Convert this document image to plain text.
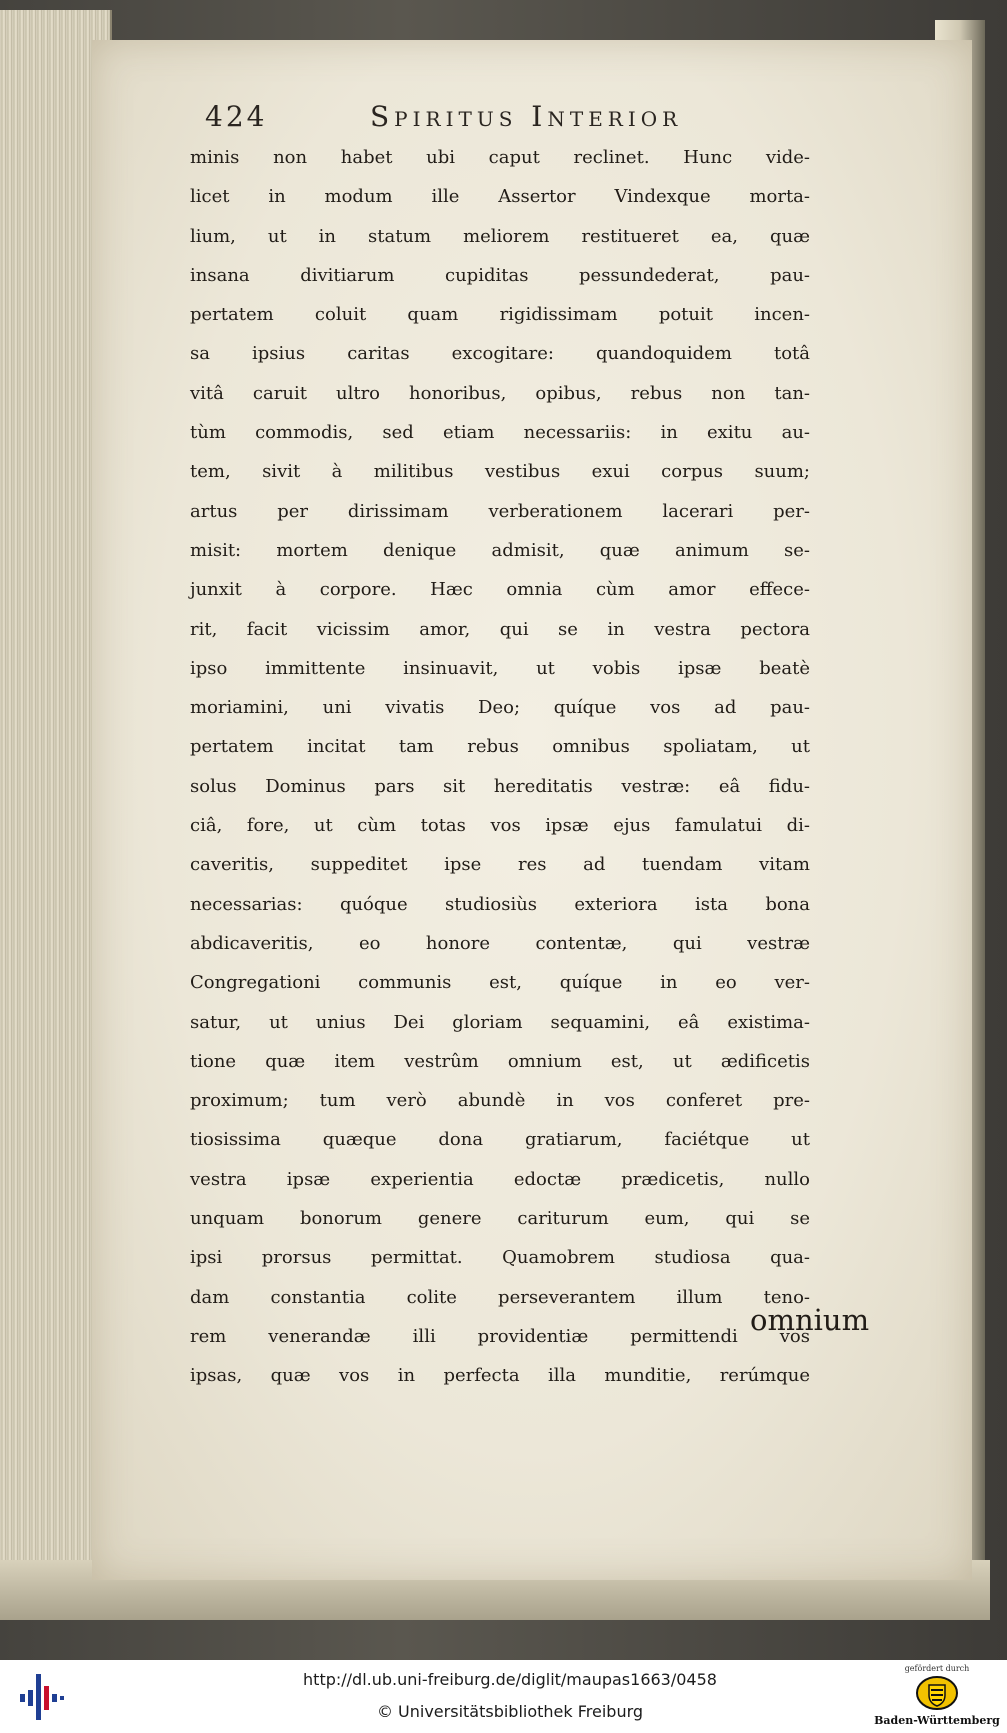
424	Spiritus Interior
minis non habet ubi caput reclinet. Hunc vide-
licet in modum ille Assertor Vindexque morta-
lium, ut in statum meliorem restitueret ea, quæ
insana divitiarum cupiditas pessundederat, pau-
pertatem coluit quam rigidissimam potuit incen-
sa ipsius caritas excogitare: quandoquidem totâ
vitâ caruit ultro honoribus, opibus, rebus non tan-
tùm commodis, sed etiam necessariis: in exitu au-
tem, sivit à militibus vestibus exui corpus suum;
artus per dirissimam verberationem lacerari per-
misit: mortem denique admisit, quæ animum se-
junxit à corpore. Hæc omnia cùm amor effece-
rit, facit vicissim amor, qui se in vestra pectora
ipso immittente insinuavit, ut vobis ipsæ beatè
moriamini, uni vivatis Deo; quíque vos ad pau-
pertatem incitat tam rebus omnibus spoliatam, ut
solus Dominus pars sit hereditatis vestræ: eâ fidu-
ciâ, fore, ut cùm totas vos ipsæ ejus famulatui di-
caveritis, suppeditet ipse res ad tuendam vitam
necessarias: quóque studiosiùs exteriora ista bona
abdicaveritis, eo honore contentæ, qui vestræ
Congregationi communis est, quíque in eo ver-
satur, ut unius Dei gloriam sequamini, eâ existima-
tione quæ item vestrûm omnium est, ut ædificetis
proximum; tum verò abundè in vos conferet pre-
tiosissima quæque dona gratiarum, faciétque ut
vestra ipsæ experientia edoctæ prædicetis, nullo
unquam bonorum genere cariturum eum, qui se
ipsi prorsus permittat. Quamobrem studiosa qua-
dam constantia colite perseverantem illum teno-
rem venerandæ illi providentiæ permittendi vos
ipsas, quæ vos in perfecta illa munditie, rerúmque
omnium
http://dl.ub.uni-freiburg.de/diglit/maupas1663/0458
© Universitätsbibliothek Freiburg
gefördert durch
Baden-Württemberg
